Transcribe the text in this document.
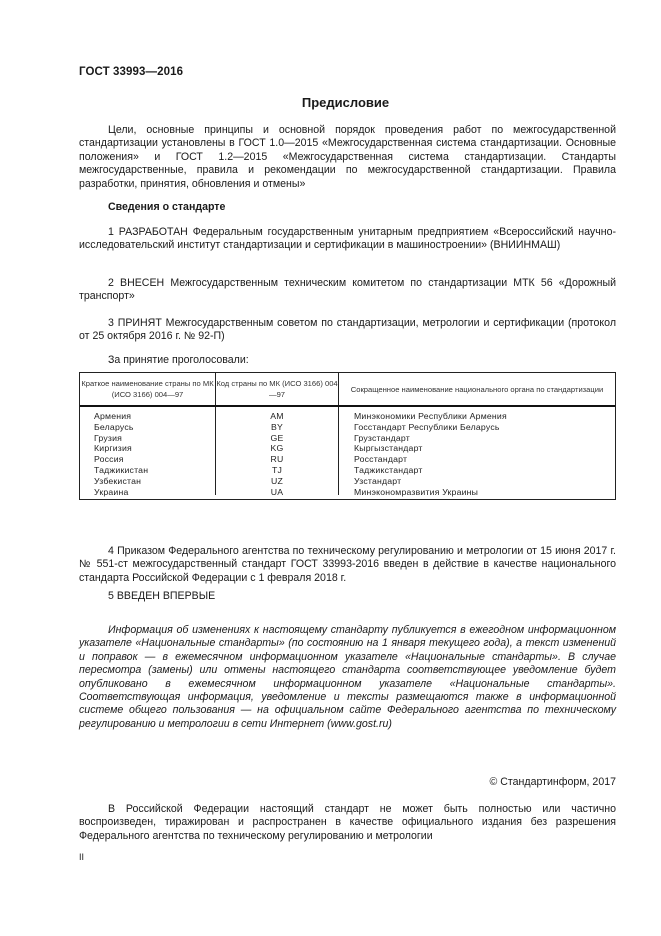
ГОСТ 33993—2016
Предисловие
Цели, основные принципы и основной порядок проведения работ по межгосударственной стандартизации установлены в ГОСТ 1.0—2015 «Межгосударственная система стандартизации. Основные положения» и ГОСТ 1.2—2015 «Межгосударственная система стандартизации. Стандарты межгосударственные, правила и рекомендации по межгосударственной стандартизации. Правила разработки, принятия, обновления и отмены»
Сведения о стандарте
1 РАЗРАБОТАН Федеральным государственным унитарным предприятием «Всероссийский научно-исследовательский институт стандартизации и сертификации в машиностроении» (ВНИИНМАШ)
2 ВНЕСЕН Межгосударственным техническим комитетом по стандартизации МТК 56 «Дорожный транспорт»
3 ПРИНЯТ Межгосударственным советом по стандартизации, метрологии и сертификации (протокол от 25 октября 2016 г. № 92-П)
За принятие проголосовали:
Краткое наименование страны по МК (ИСО 3166) 004—97
Код страны по МК (ИСО 3166) 004—97
Сокращенное наименование национального органа по стандартизации
Армения
Беларусь
Грузия
Киргизия
Россия
Таджикистан
Узбекистан
Украина
AM
BY
GE
KG
RU
TJ
UZ
UA
Минэкономики Республики Армения
Госстандарт Республики Беларусь
Грузстандарт
Кыргызстандарт
Росстандарт
Таджикстандарт
Узстандарт
Минэкономразвития Украины
4 Приказом Федерального агентства по техническому регулированию и метрологии от 15 июня 2017 г. № 551-ст межгосударственный стандарт ГОСТ 33993-2016 введен в действие в качестве национального стандарта Российской Федерации с 1 февраля 2018 г.
5 ВВЕДЕН ВПЕРВЫЕ
Информация об изменениях к настоящему стандарту публикуется в ежегодном информационном указателе «Национальные стандарты» (по состоянию на 1 января текущего года), а текст изменений и поправок — в ежемесячном информационном указателе «Национальные стандарты». В случае пересмотра (замены) или отмены настоящего стандарта соответствующее уведомление будет опубликовано в ежемесячном информационном указателе «Национальные стандарты». Соответствующая информация, уведомление и тексты размещаются также в информационной системе общего пользования — на официальном сайте Федерального агентства по техническому регулированию и метрологии в сети Интернет (www.gost.ru)
© Стандартинформ, 2017
В Российской Федерации настоящий стандарт не может быть полностью или частично воспроизведен, тиражирован и распространен в качестве официального издания без разрешения Федерального агентства по техническому регулированию и метрологии
II
